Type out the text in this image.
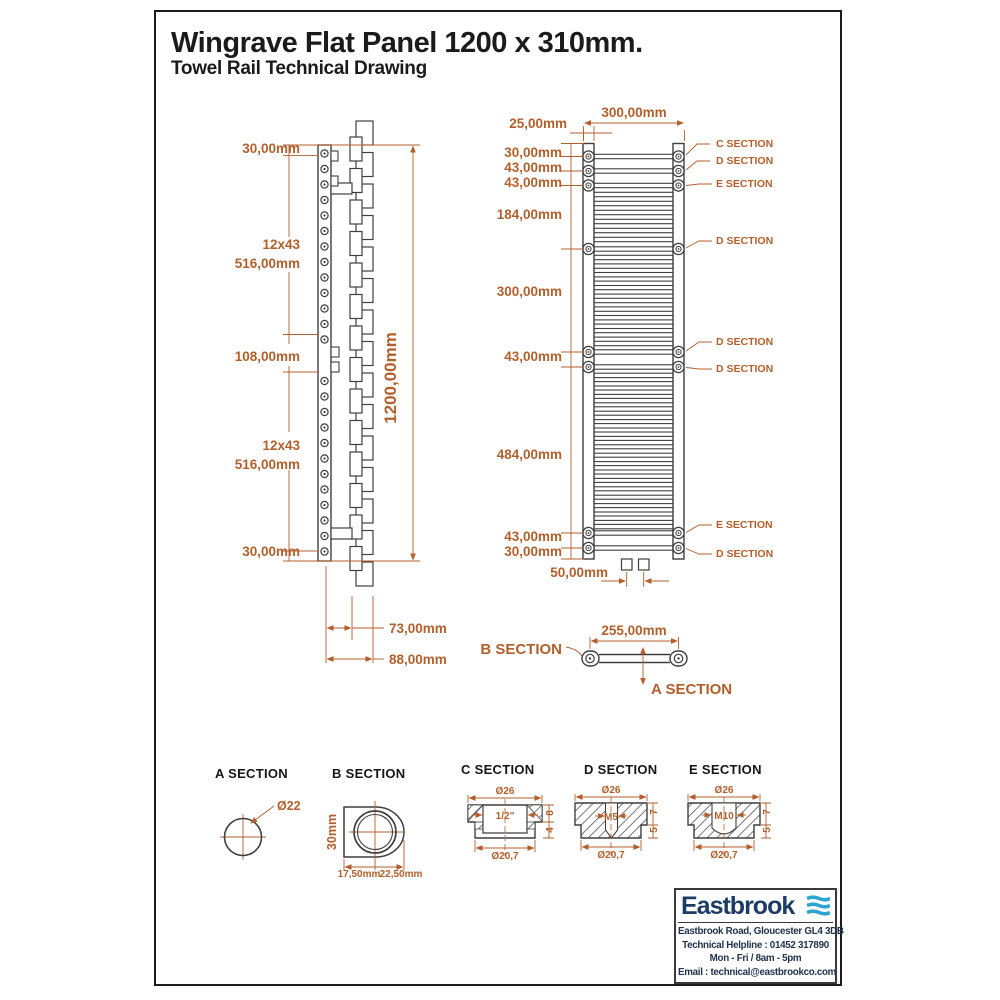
Wingrave Flat Panel 1200 x 310mm.
Towel Rail Technical Drawing
30,00mm
12x43
516,00mm
108,00mm
12x43
516,00mm
30,00mm
1200,00mm
73,00mm
88,00mm
300,00mm
25,00mm
30,00mm
43,00mm
43,00mm
184,00mm
300,00mm
43,00mm
484,00mm
43,00mm
30,00mm
50,00mm
C SECTION
D SECTION
E SECTION
D SECTION
D SECTION
D SECTION
E SECTION
D SECTION
255,00mm
B SECTION
A SECTION
A SECTION
Ø22
B SECTION
30mm
17,50mm 22,50mm
C SECTION
Ø26
1/2"
Ø20,7
8
4
D SECTION
Ø26
M5
Ø20,7
7
5
E SECTION
Ø26
M10
Ø20,7
7
5
Eastbrook
Eastbrook Road, Gloucester GL4 3DB
Technical Helpline : 01452 317890
Mon - Fri / 8am - 5pm
Email : technical@eastbrookco.com
